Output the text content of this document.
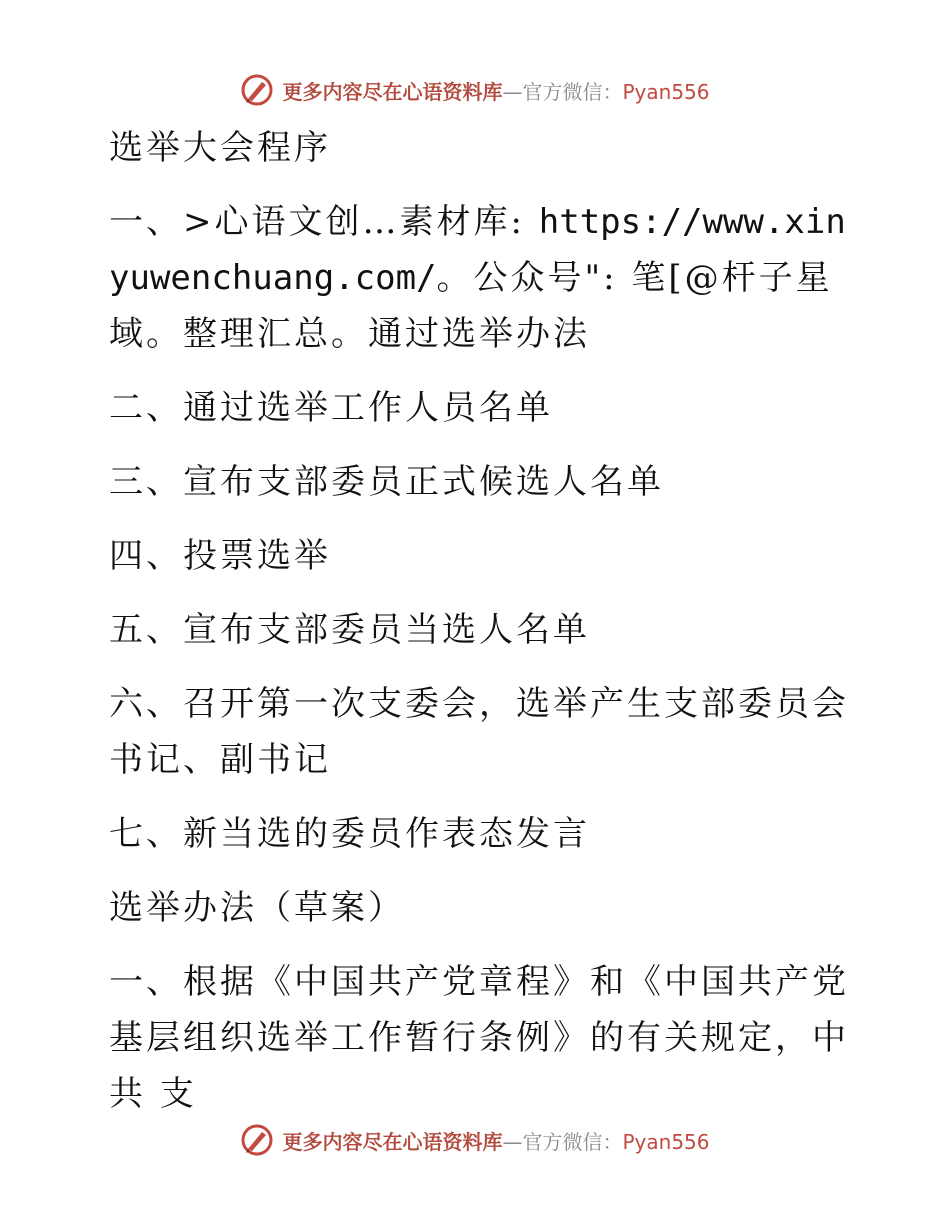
更多内容尽在心语资料库—官方微信：Pyan556

选举大会程序

一、>心语文创…素材库: https://www.xinyuwenchuang.com/。公众号": 笔[@杆子星域。整理汇总。通过选举办法

二、通过选举工作人员名单

三、宣布支部委员正式候选人名单

四、投票选举

五、宣布支部委员当选人名单

六、召开第一次支委会，选举产生支部委员会书记、副书记

七、新当选的委员作表态发言

选举办法（草案）

一、根据《中国共产党章程》和《中国共产党基层组织选举工作暂行条例》的有关规定，中共 支

更多内容尽在心语资料库—官方微信：Pyan556
